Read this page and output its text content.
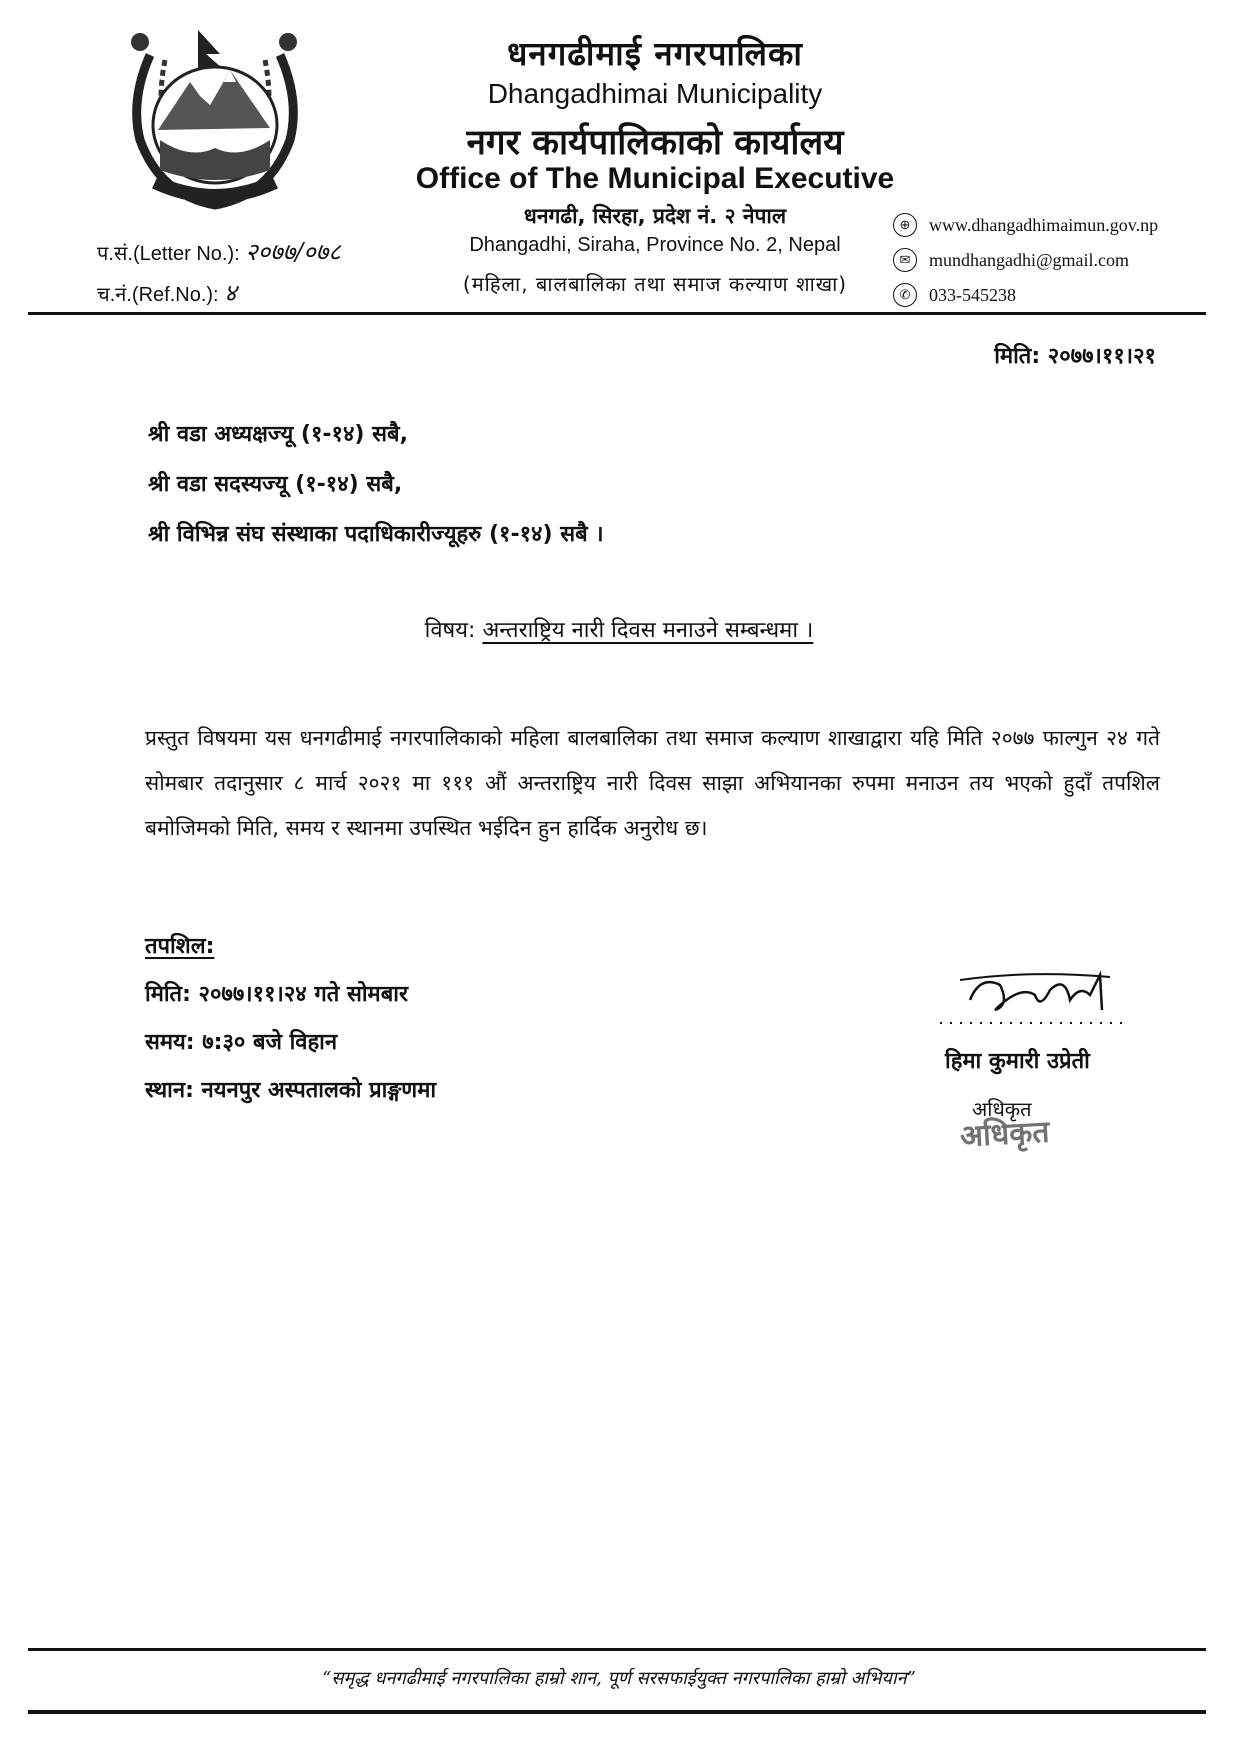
धनगढीमाई नगरपालिका
Dhangadhimai Municipality
नगर कार्यपालिकाको कार्यालय
Office of The Municipal Executive
धनगढी, सिरहा, प्रदेश नं. २ नेपाल
Dhangadhi, Siraha, Province No. 2, Nepal
(महिला, बालबालिका तथा समाज कल्याण शाखा)
प.सं.(Letter No.): २०७७/०७८
च.नं.(Ref.No.): ४
⊕	www.dhangadhimaimun.gov.np
✉	mundhangadhi@gmail.com
✆	033-545238
मिति: २०७७।११।२१
श्री वडा अध्यक्षज्यू (१-१४) सबै,
श्री वडा सदस्यज्यू (१-१४) सबै,
श्री विभिन्न संघ संस्थाका पदाधिकारीज्यूहरु (१-१४) सबै ।
विषय: अन्तराष्ट्रिय नारी दिवस मनाउने सम्बन्धमा ।
प्रस्तुत विषयमा यस धनगढीमाई नगरपालिकाको महिला बालबालिका तथा समाज कल्याण शाखाद्वारा यहि मिति २०७७ फाल्गुन २४ गते सोमबार तदानुसार ८ मार्च २०२१ मा १११ औं अन्तराष्ट्रिय नारी दिवस साझा अभियानका रुपमा मनाउन तय भएको हुदाँ तपशिल बमोजिमको मिति, समय र स्थानमा उपस्थित भईदिन हुन हार्दिक अनुरोध छ।
तपशिल:
मिति: २०७७।११।२४ गते सोमबार
समय: ७:३० बजे विहान
स्थान: नयनपुर अस्पतालको प्राङ्गणमा
हिमा कुमारी उप्रेती
अधिकृत
अधिकृत
“समृद्ध धनगढीमाई नगरपालिका हाम्रो शान, पूर्ण सरसफाईयुक्त नगरपालिका हाम्रो अभियान”
